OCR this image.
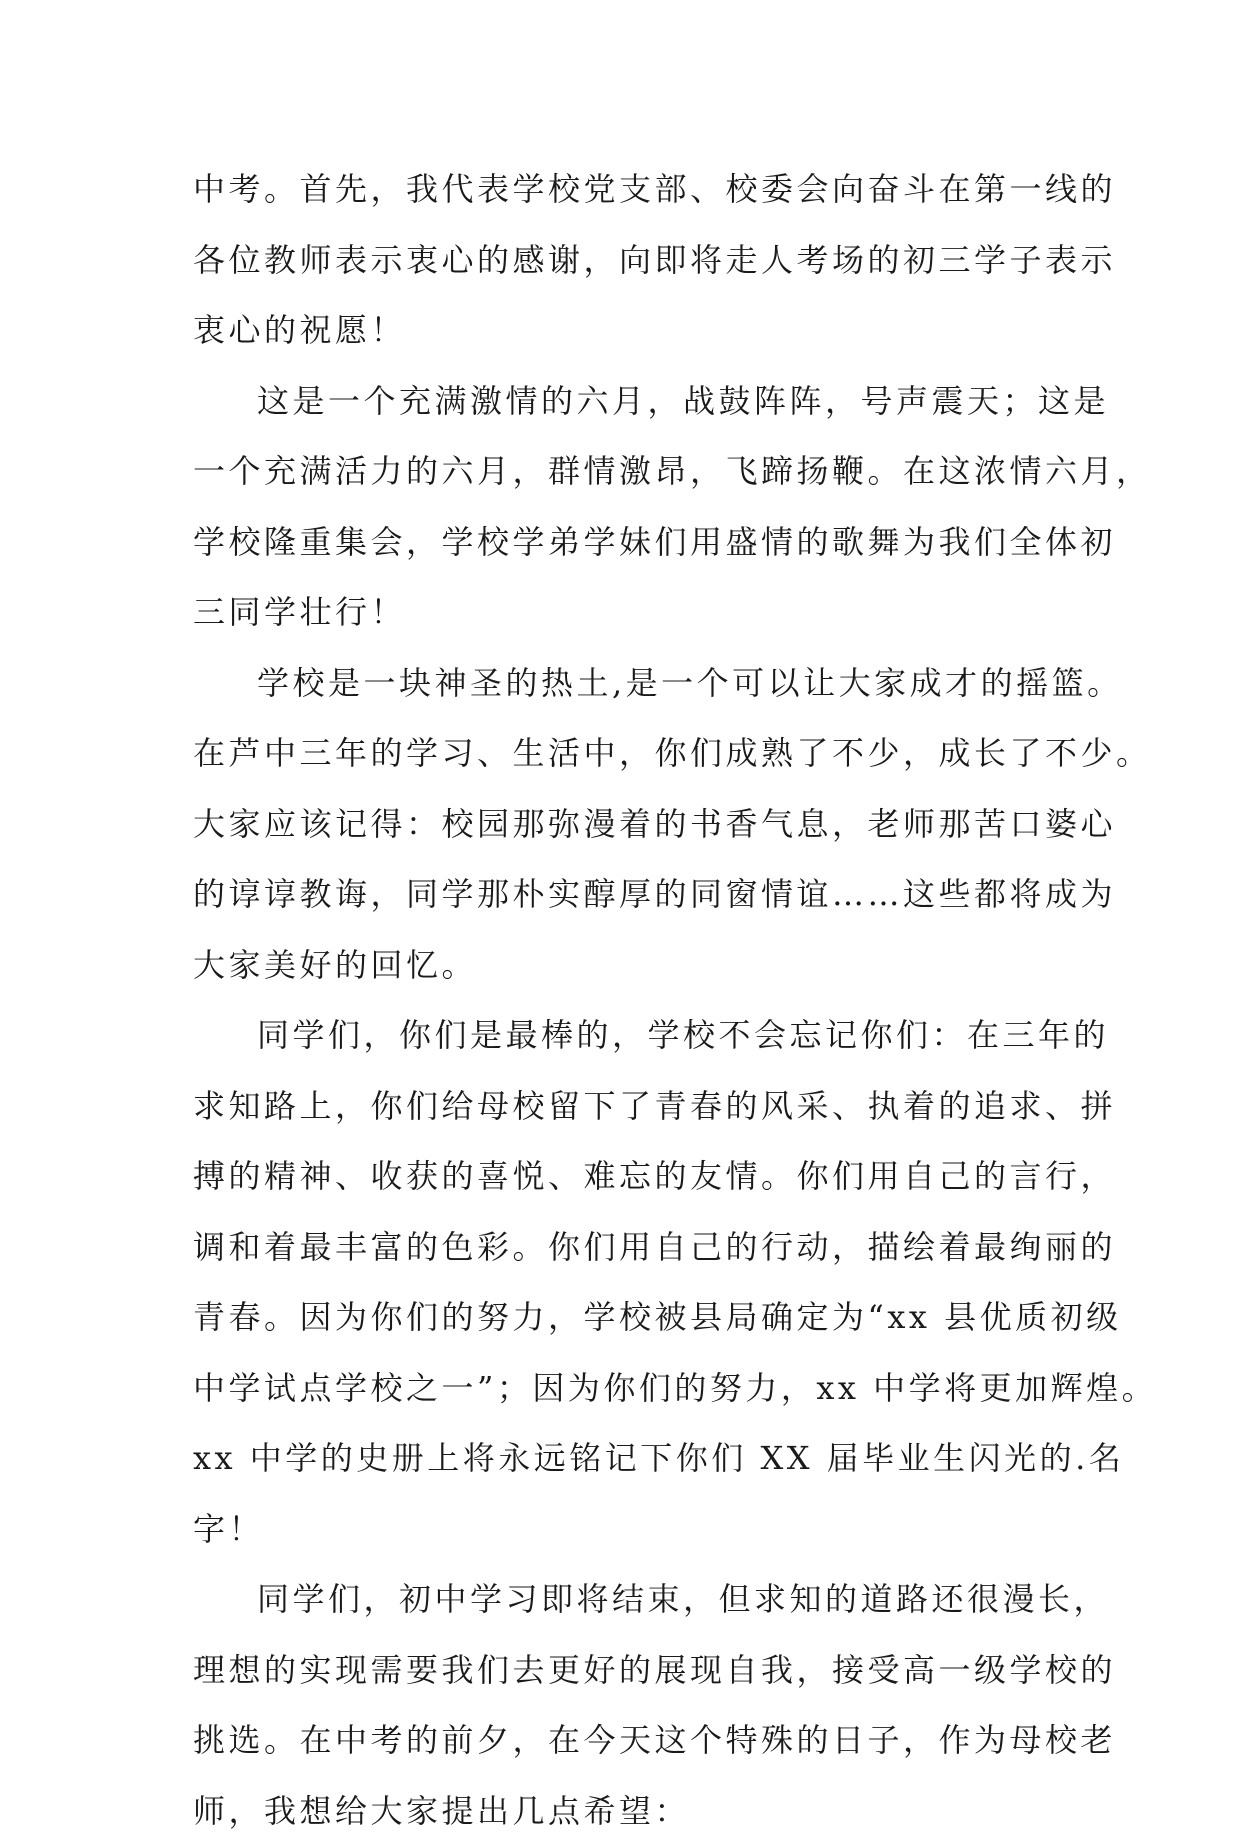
中考。首先，我代表学校党支部、校委会向奋斗在第一线的
各位教师表示衷心的感谢，向即将走人考场的初三学子表示
衷心的祝愿！
这是一个充满激情的六月，战鼓阵阵，号声震天；这是
一个充满活力的六月，群情激昂，飞蹄扬鞭。在这浓情六月，
学校隆重集会，学校学弟学妹们用盛情的歌舞为我们全体初
三同学壮行！
学校是一块神圣的热土,是一个可以让大家成才的摇篮。
在芦中三年的学习、生活中，你们成熟了不少，成长了不少。
大家应该记得：校园那弥漫着的书香气息，老师那苦口婆心
的谆谆教诲，同学那朴实醇厚的同窗情谊……这些都将成为
大家美好的回忆。
同学们，你们是最棒的，学校不会忘记你们：在三年的
求知路上，你们给母校留下了青春的风采、执着的追求、拼
搏的精神、收获的喜悦、难忘的友情。你们用自己的言行，
调和着最丰富的色彩。你们用自己的行动，描绘着最绚丽的
青春。因为你们的努力，学校被县局确定为“xx 县优质初级
中学试点学校之一”；因为你们的努力，xx 中学将更加辉煌。
xx 中学的史册上将永远铭记下你们 XX 届毕业生闪光的.名
字！
同学们，初中学习即将结束，但求知的道路还很漫长，
理想的实现需要我们去更好的展现自我，接受高一级学校的
挑选。在中考的前夕，在今天这个特殊的日子，作为母校老
师，我想给大家提出几点希望：
